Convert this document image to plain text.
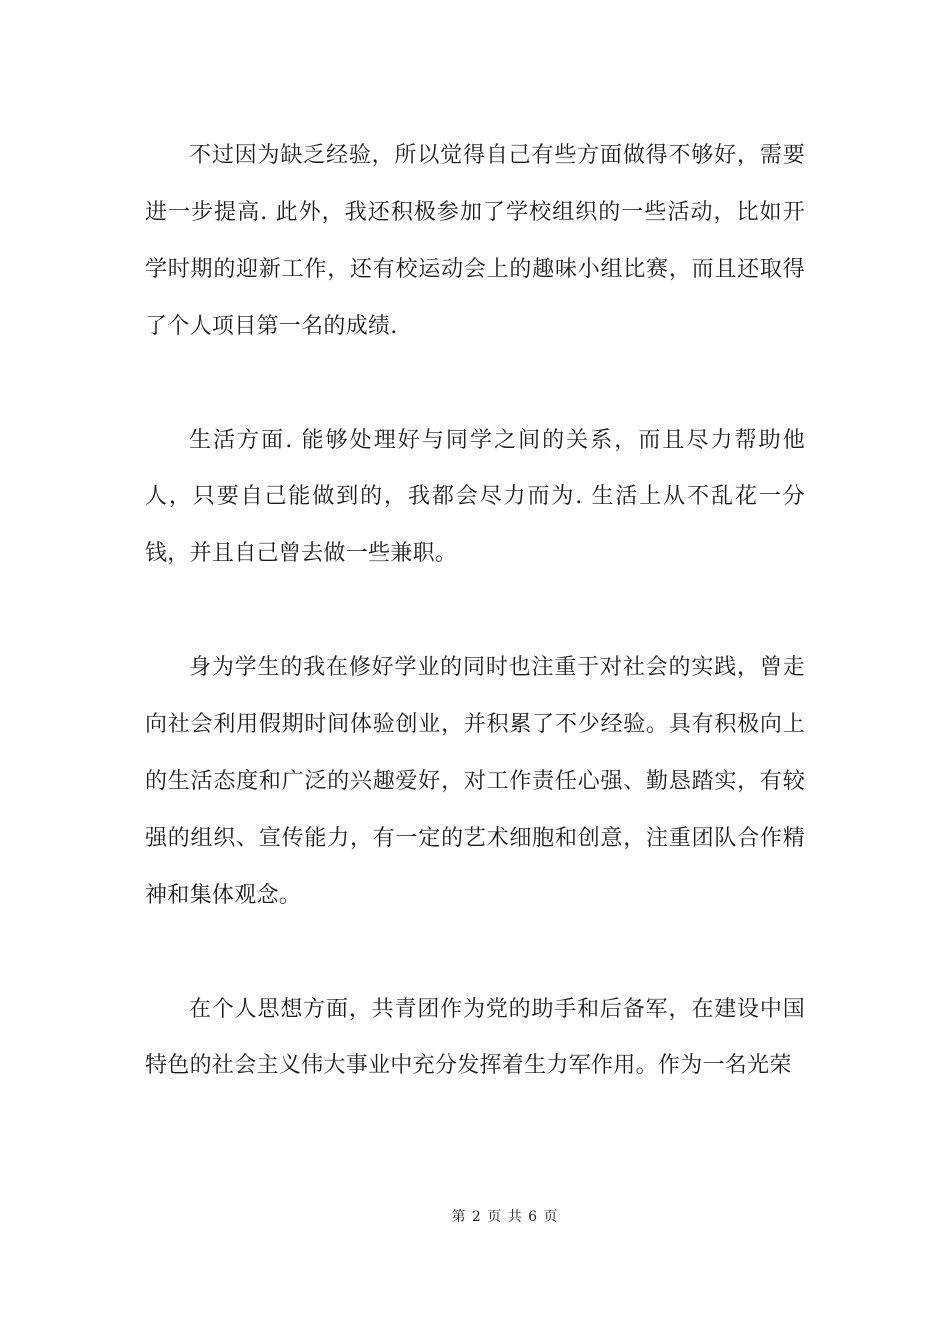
不过因为缺乏经验，所以觉得自己有些方面做得不够好，需要进一步提高. 此外，我还积极参加了学校组织的一些活动，比如开学时期的迎新工作，还有校运动会上的趣味小组比赛，而且还取得了个人项目第一名的成绩.

生活方面. 能够处理好与同学之间的关系，而且尽力帮助他人，只要自己能做到的，我都会尽力而为. 生活上从不乱花一分钱，并且自己曾去做一些兼职。

身为学生的我在修好学业的同时也注重于对社会的实践，曾走向社会利用假期时间体验创业，并积累了不少经验。具有积极向上的生活态度和广泛的兴趣爱好，对工作责任心强、勤恳踏实，有较强的组织、宣传能力，有一定的艺术细胞和创意，注重团队合作精神和集体观念。

在个人思想方面，共青团作为党的助手和后备军，在建设中国特色的社会主义伟大事业中充分发挥着生力军作用。作为一名光荣

第 2 页 共 6 页
